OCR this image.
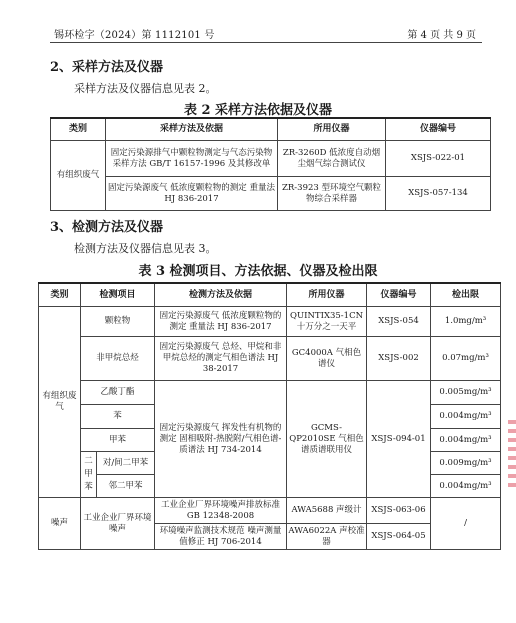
锡环检字（2024）第 1112101 号	第 4 页 共 9 页
2、采样方法及仪器
采样方法及仪器信息见表 2。
表 2 采样方法依据及仪器
类别	采样方法及依据	所用仪器	仪器编号
有组织废气	固定污染源排气中颗粒物测定与气态污染物采样方法 GB/T 16157-1996 及其修改单	ZR-3260D 低浓度自动烟尘烟气综合测试仪	XSJS-022-01
	固定污染源废气 低浓度颗粒物的测定 重量法 HJ 836-2017	ZR-3923 型环境空气颗粒物综合采样器	XSJS-057-134
3、检测方法及仪器
检测方法及仪器信息见表 3。
表 3 检测项目、方法依据、仪器及检出限
类别	检测项目		检测方法及依据	所用仪器	仪器编号	检出限
有组织废气	颗粒物		固定污染源废气 低浓度颗粒物的测定 重量法 HJ 836-2017	QUINTIX35-1CN 十万分之一天平	XSJS-054	1.0mg/m³
	非甲烷总烃		固定污染源废气 总烃、甲烷和非甲烷总烃的测定气相色谱法 HJ 38-2017	GC4000A 气相色谱仪	XSJS-002	0.07mg/m³
	乙酸丁酯		固定污染源废气 挥发性有机物的测定 固相吸附-热脱附/气相色谱-质谱法 HJ 734-2014	GCMS-QP2010SE 气相色谱质谱联用仪	XSJS-094-01	0.005mg/m³
	苯					0.004mg/m³
	甲苯					0.004mg/m³
	二甲苯	对/间二甲苯				0.009mg/m³
		邻二甲苯				0.004mg/m³
噪声	工业企业厂界环境噪声		工业企业厂界环境噪声排放标准 GB 12348-2008	AWA5688 声级计	XSJS-063-06	/
			环境噪声监测技术规范 噪声测量值修正 HJ 706-2014	AWA6022A 声校准器	XSJS-064-05	
